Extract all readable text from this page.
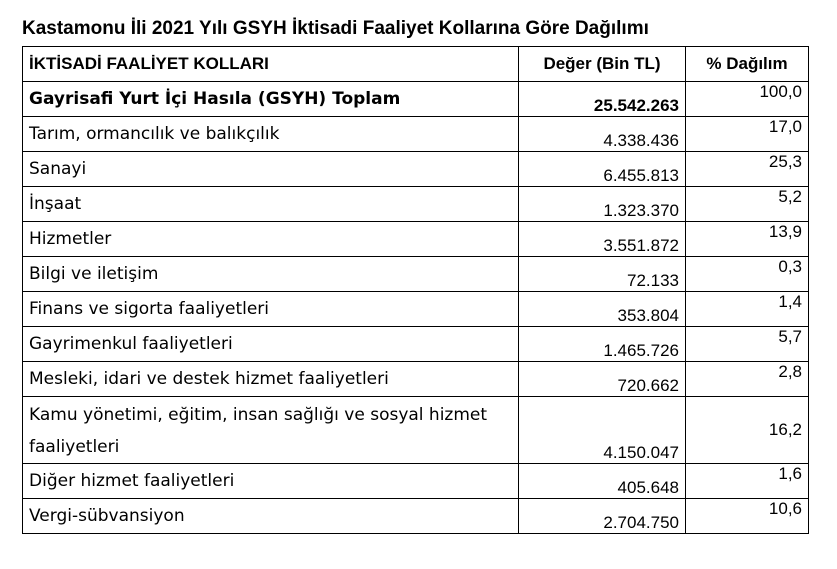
Kastamonu İli 2021 Yılı GSYH İktisadi Faaliyet Kollarına Göre Dağılımı
İKTİSADİ FAALİYET KOLLARI	Değer (Bin TL)	% Dağılım
Gayrisafi Yurt İçi Hasıla (GSYH) Toplam	25.542.263	100,0
Tarım, ormancılık ve balıkçılık	4.338.436	17,0
Sanayi	6.455.813	25,3
İnşaat	1.323.370	5,2
Hizmetler	3.551.872	13,9
Bilgi ve iletişim	72.133	0,3
Finans ve sigorta faaliyetleri	353.804	1,4
Gayrimenkul faaliyetleri	1.465.726	5,7
Mesleki, idari ve destek hizmet faaliyetleri	720.662	2,8
Kamu yönetimi, eğitim, insan sağlığı ve sosyal hizmet faaliyetleri	4.150.047	16,2
Diğer hizmet faaliyetleri	405.648	1,6
Vergi-sübvansiyon	2.704.750	10,6
